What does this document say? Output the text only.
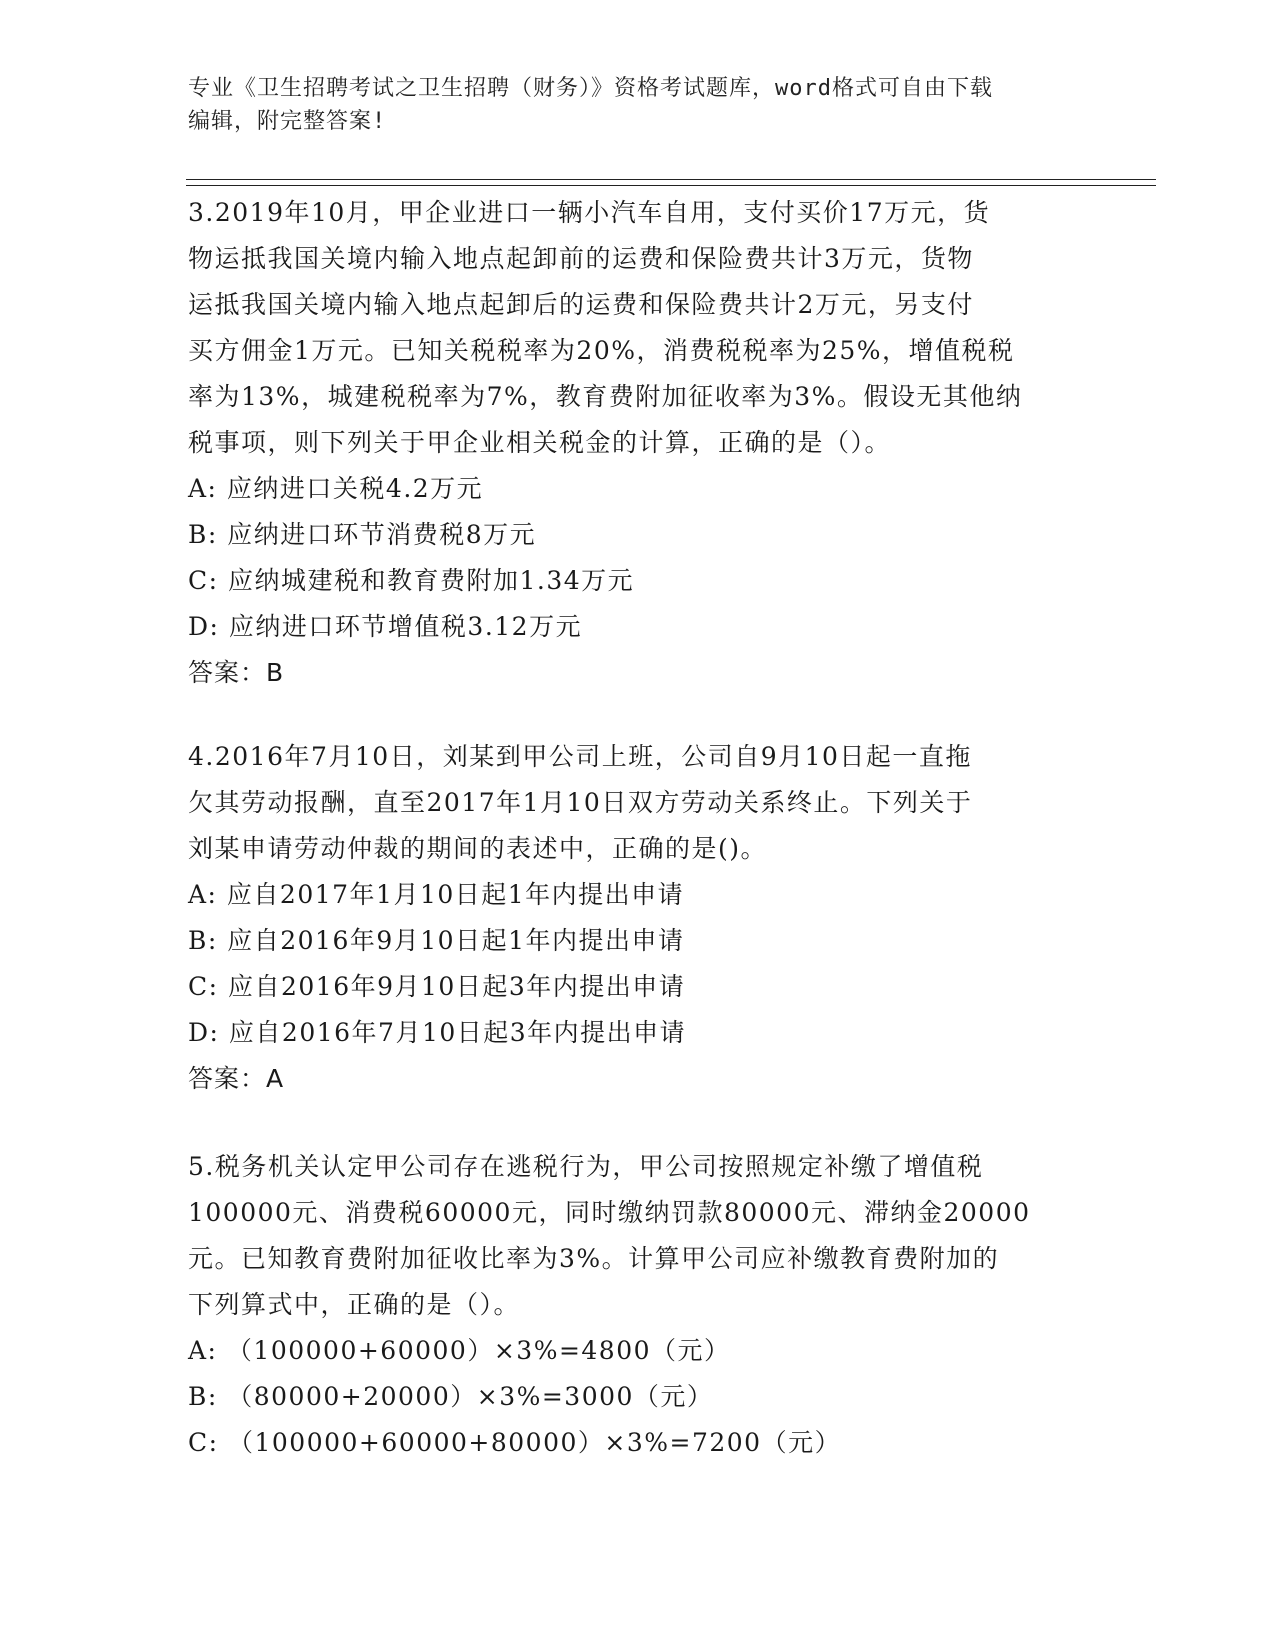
专业《卫生招聘考试之卫生招聘（财务）》资格考试题库，word格式可自由下载
编辑，附完整答案!
3.2019年10月，甲企业进口一辆小汽车自用，支付买价17万元，货
物运抵我国关境内输入地点起卸前的运费和保险费共计3万元，货物
运抵我国关境内输入地点起卸后的运费和保险费共计2万元，另支付
买方佣金1万元。已知关税税率为20%，消费税税率为25%，增值税税
率为13%，城建税税率为7%，教育费附加征收率为3%。假设无其他纳
税事项，则下列关于甲企业相关税金的计算，正确的是（）。
A: 应纳进口关税4.2万元
B: 应纳进口环节消费税8万元
C: 应纳城建税和教育费附加1.34万元
D: 应纳进口环节增值税3.12万元
答案：B
4.2016年7月10日，刘某到甲公司上班，公司自9月10日起一直拖
欠其劳动报酬，直至2017年1月10日双方劳动关系终止。下列关于
刘某申请劳动仲裁的期间的表述中，正确的是()。
A: 应自2017年1月10日起1年内提出申请
B: 应自2016年9月10日起1年内提出申请
C: 应自2016年9月10日起3年内提出申请
D: 应自2016年7月10日起3年内提出申请
答案：A
5.税务机关认定甲公司存在逃税行为，甲公司按照规定补缴了增值税
100000元、消费税60000元，同时缴纳罚款80000元、滞纳金20000
元。已知教育费附加征收比率为3%。计算甲公司应补缴教育费附加的
下列算式中，正确的是（）。
A: （100000+60000）×3%=4800（元）
B: （80000+20000）×3%=3000（元）
C: （100000+60000+80000）×3%=7200（元）
